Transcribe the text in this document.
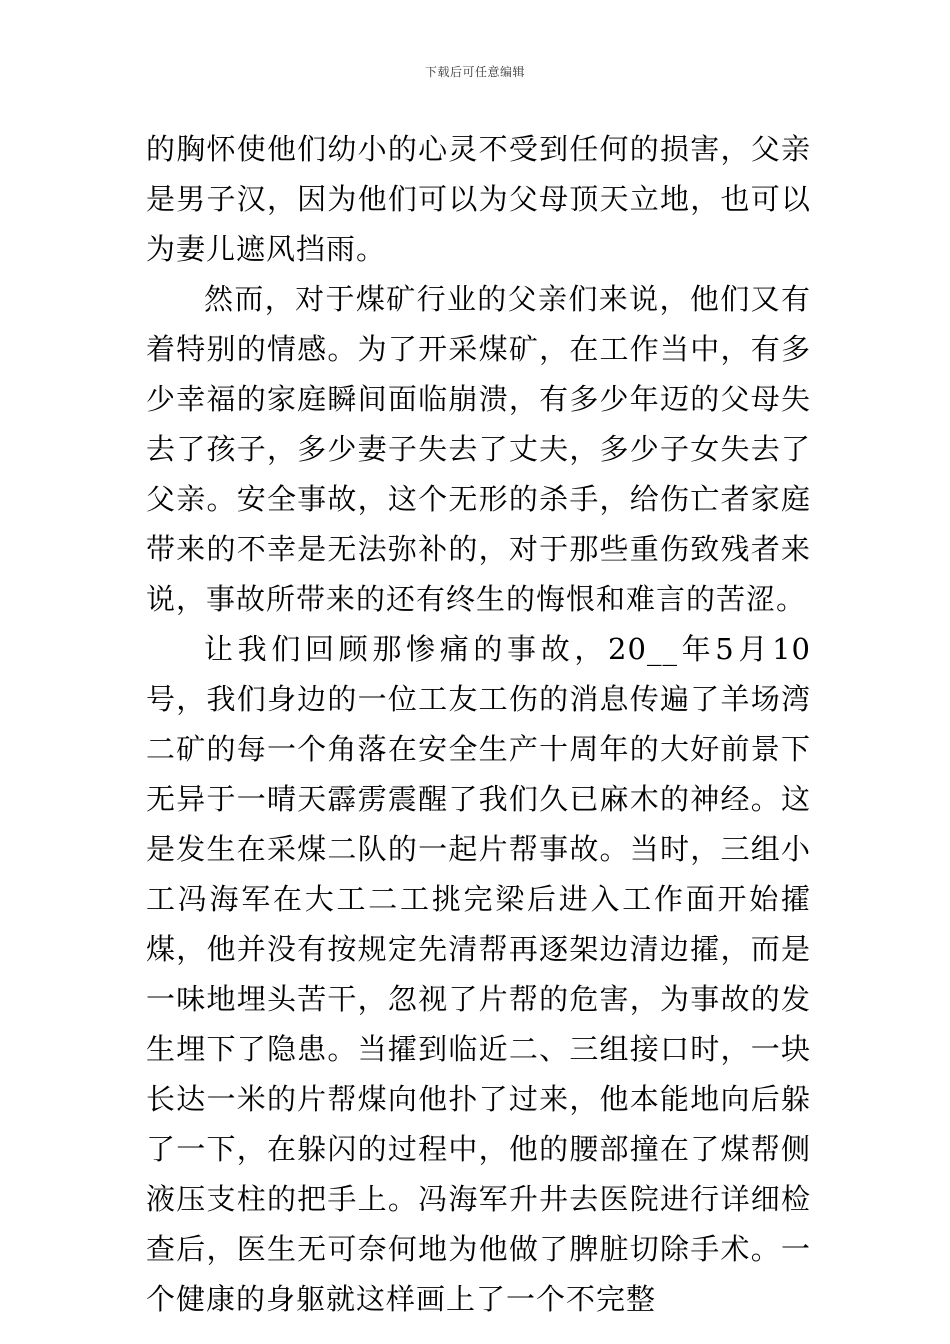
下载后可任意编辑

的胸怀使他们幼小的心灵不受到任何的损害，父亲是男子汉，因为他们可以为父母顶天立地，也可以为妻儿遮风挡雨。

然而，对于煤矿行业的父亲们来说，他们又有着特别的情感。为了开采煤矿，在工作当中，有多少幸福的家庭瞬间面临崩溃，有多少年迈的父母失去了孩子，多少妻子失去了丈夫，多少子女失去了父亲。安全事故，这个无形的杀手，给伤亡者家庭带来的不幸是无法弥补的，对于那些重伤致残者来说，事故所带来的还有终生的悔恨和难言的苦涩。

让我们回顾那惨痛的事故，20__年5月10号，我们身边的一位工友工伤的消息传遍了羊场湾二矿的每一个角落在安全生产十周年的大好前景下无异于一晴天霹雳震醒了我们久已麻木的神经。这是发生在采煤二队的一起片帮事故。当时，三组小工冯海军在大工二工挑完梁后进入工作面开始攉煤，他并没有按规定先清帮再逐架边清边攉，而是一味地埋头苦干，忽视了片帮的危害，为事故的发生埋下了隐患。当攉到临近二、三组接口时，一块长达一米的片帮煤向他扑了过来，他本能地向后躲了一下，在躲闪的过程中，他的腰部撞在了煤帮侧液压支柱的把手上。冯海军升井去医院进行详细检查后，医生无可奈何地为他做了脾脏切除手术。一个健康的身躯就这样画上了一个不完整
